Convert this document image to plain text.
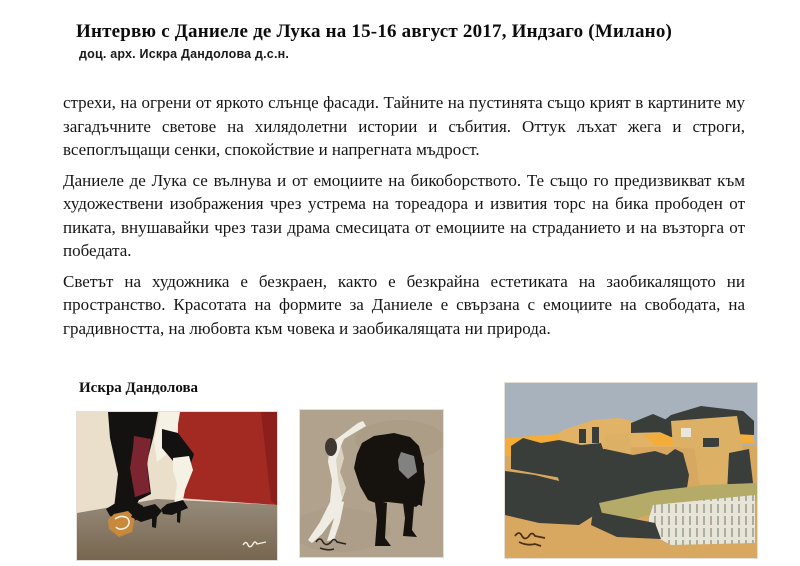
Интервю с Даниеле де Лука на 15-16 август 2017, Индзаго (Милано)
доц. арх. Искра Дандолова д.с.н.

стрехи, на огрени от яркото слънце фасади. Тайните на пустинята също крият в картините му загадъчните светове на хилядолетни истории и събития. Оттук лъхат жега и строги, всепоглъщащи сенки, спокойствие и напрегната мъдрост.

Даниеле де Лука се вълнува и от емоциите на бикоборството. Те също го предизвикват към художествени изображения чрез устрема на тореадора и извития торс на бика прободен от пиката, внушавайки чрез тази драма смесицата от емоциите на страданието и на възторга от победата.

Светът на художника е безкраен, както е безкрайна естетиката на заобикалящото ни пространство. Красотата на формите за Даниеле е свързана с емоциите на свободата, на градивността, на любовта към човека и заобикалящата ни природа.

Искра Дандолова
